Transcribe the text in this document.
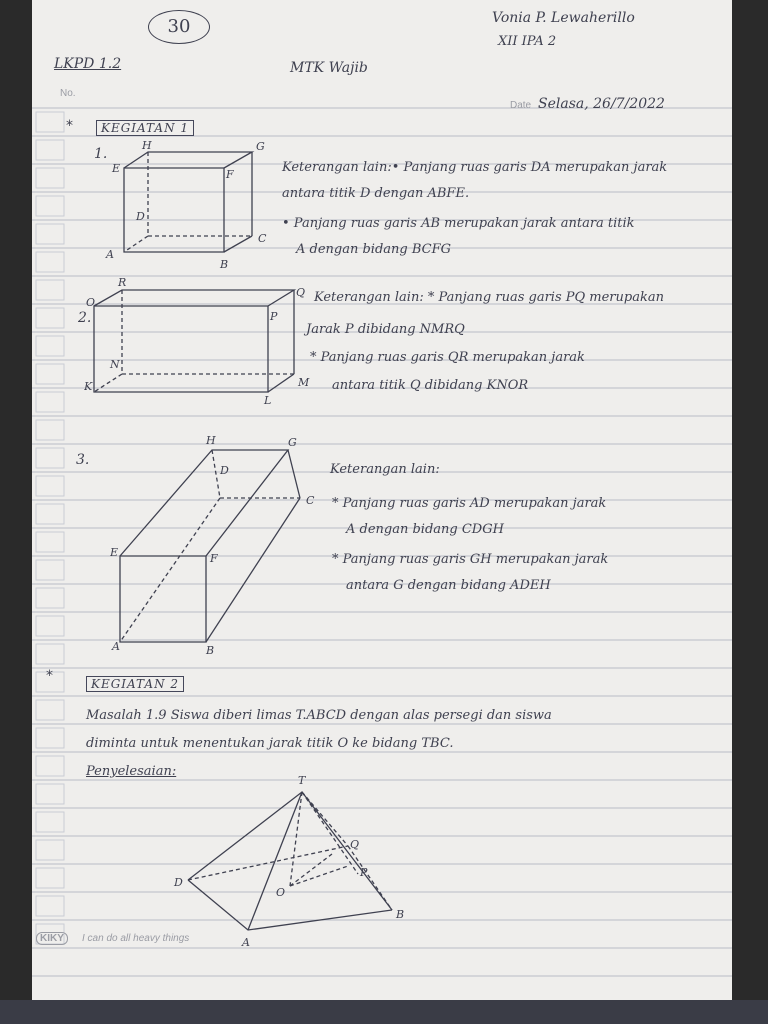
30	Vonia P. Lewaherillo
XII IPA 2
LKPD 1.2	MTK Wajib
No.
Date Selasa, 26/7/2022
*	KEGIATAN 1
1.
H	G
E	F
D
C
A
B
Keterangan lain:• Panjang ruas garis DA merupakan jarak
antara titik D dengan ABFE.
• Panjang ruas garis AB merupakan jarak antara titik
A dengan bidang BCFG
2.
R
Q
O
P
N
M
K
L
Keterangan lain: * Panjang ruas garis PQ merupakan
Jarak P dibidang NMRQ
* Panjang ruas garis QR merupakan jarak
antara titik Q dibidang KNOR
3.
H	G
D
C
E	F
A	B
Keterangan lain:
* Panjang ruas garis AD merupakan jarak
A dengan bidang CDGH
* Panjang ruas garis GH merupakan jarak
antara G dengan bidang ADEH
*	KEGIATAN 2
Masalah 1.9 Siswa diberi limas T.ABCD dengan alas persegi dan siswa
diminta untuk menentukan jarak titik O ke bidang TBC.
Penyelesaian:
T
Q
P
D
O
A
B
KIKY	I can do all heavy things
